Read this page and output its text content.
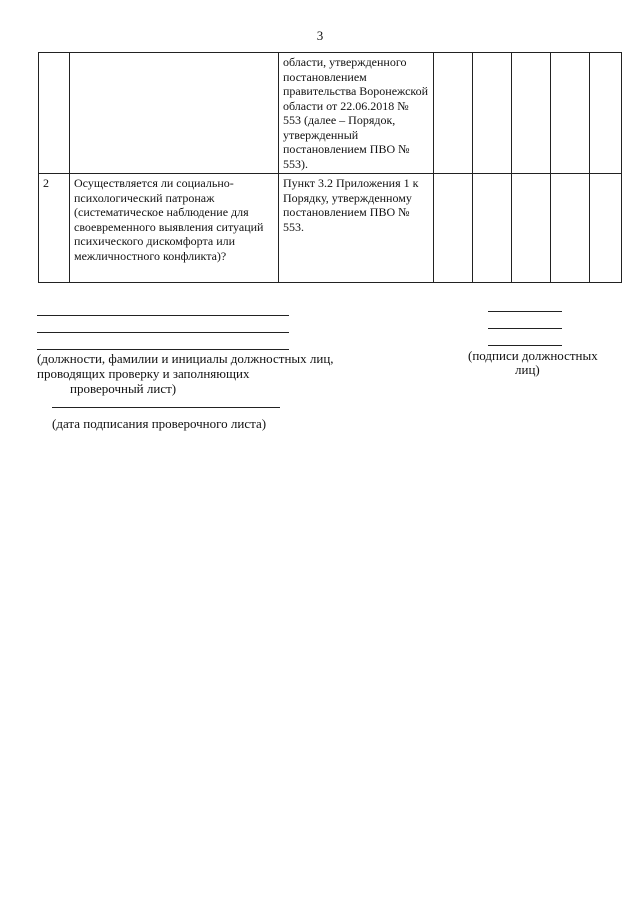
3
		области, утвержденного постановлением правительства Воронежской области от 22.06.2018 № 553 (далее – Порядок, утвержденный постановлением ПВО № 553).					
2	Осуществляется ли социально-психологический патронаж (систематическое наблюдение для своевременного выявления ситуаций психического дискомфорта или межличностного конфликта)?	Пункт 3.2 Приложения 1 к Порядку, утвержденному постановлением ПВО № 553.					
(должности, фамилии и инициалы должностных лиц,
проводящих проверку и заполняющих
проверочный лист)
(подписи должностных
лиц)
(дата подписания проверочного листа)
